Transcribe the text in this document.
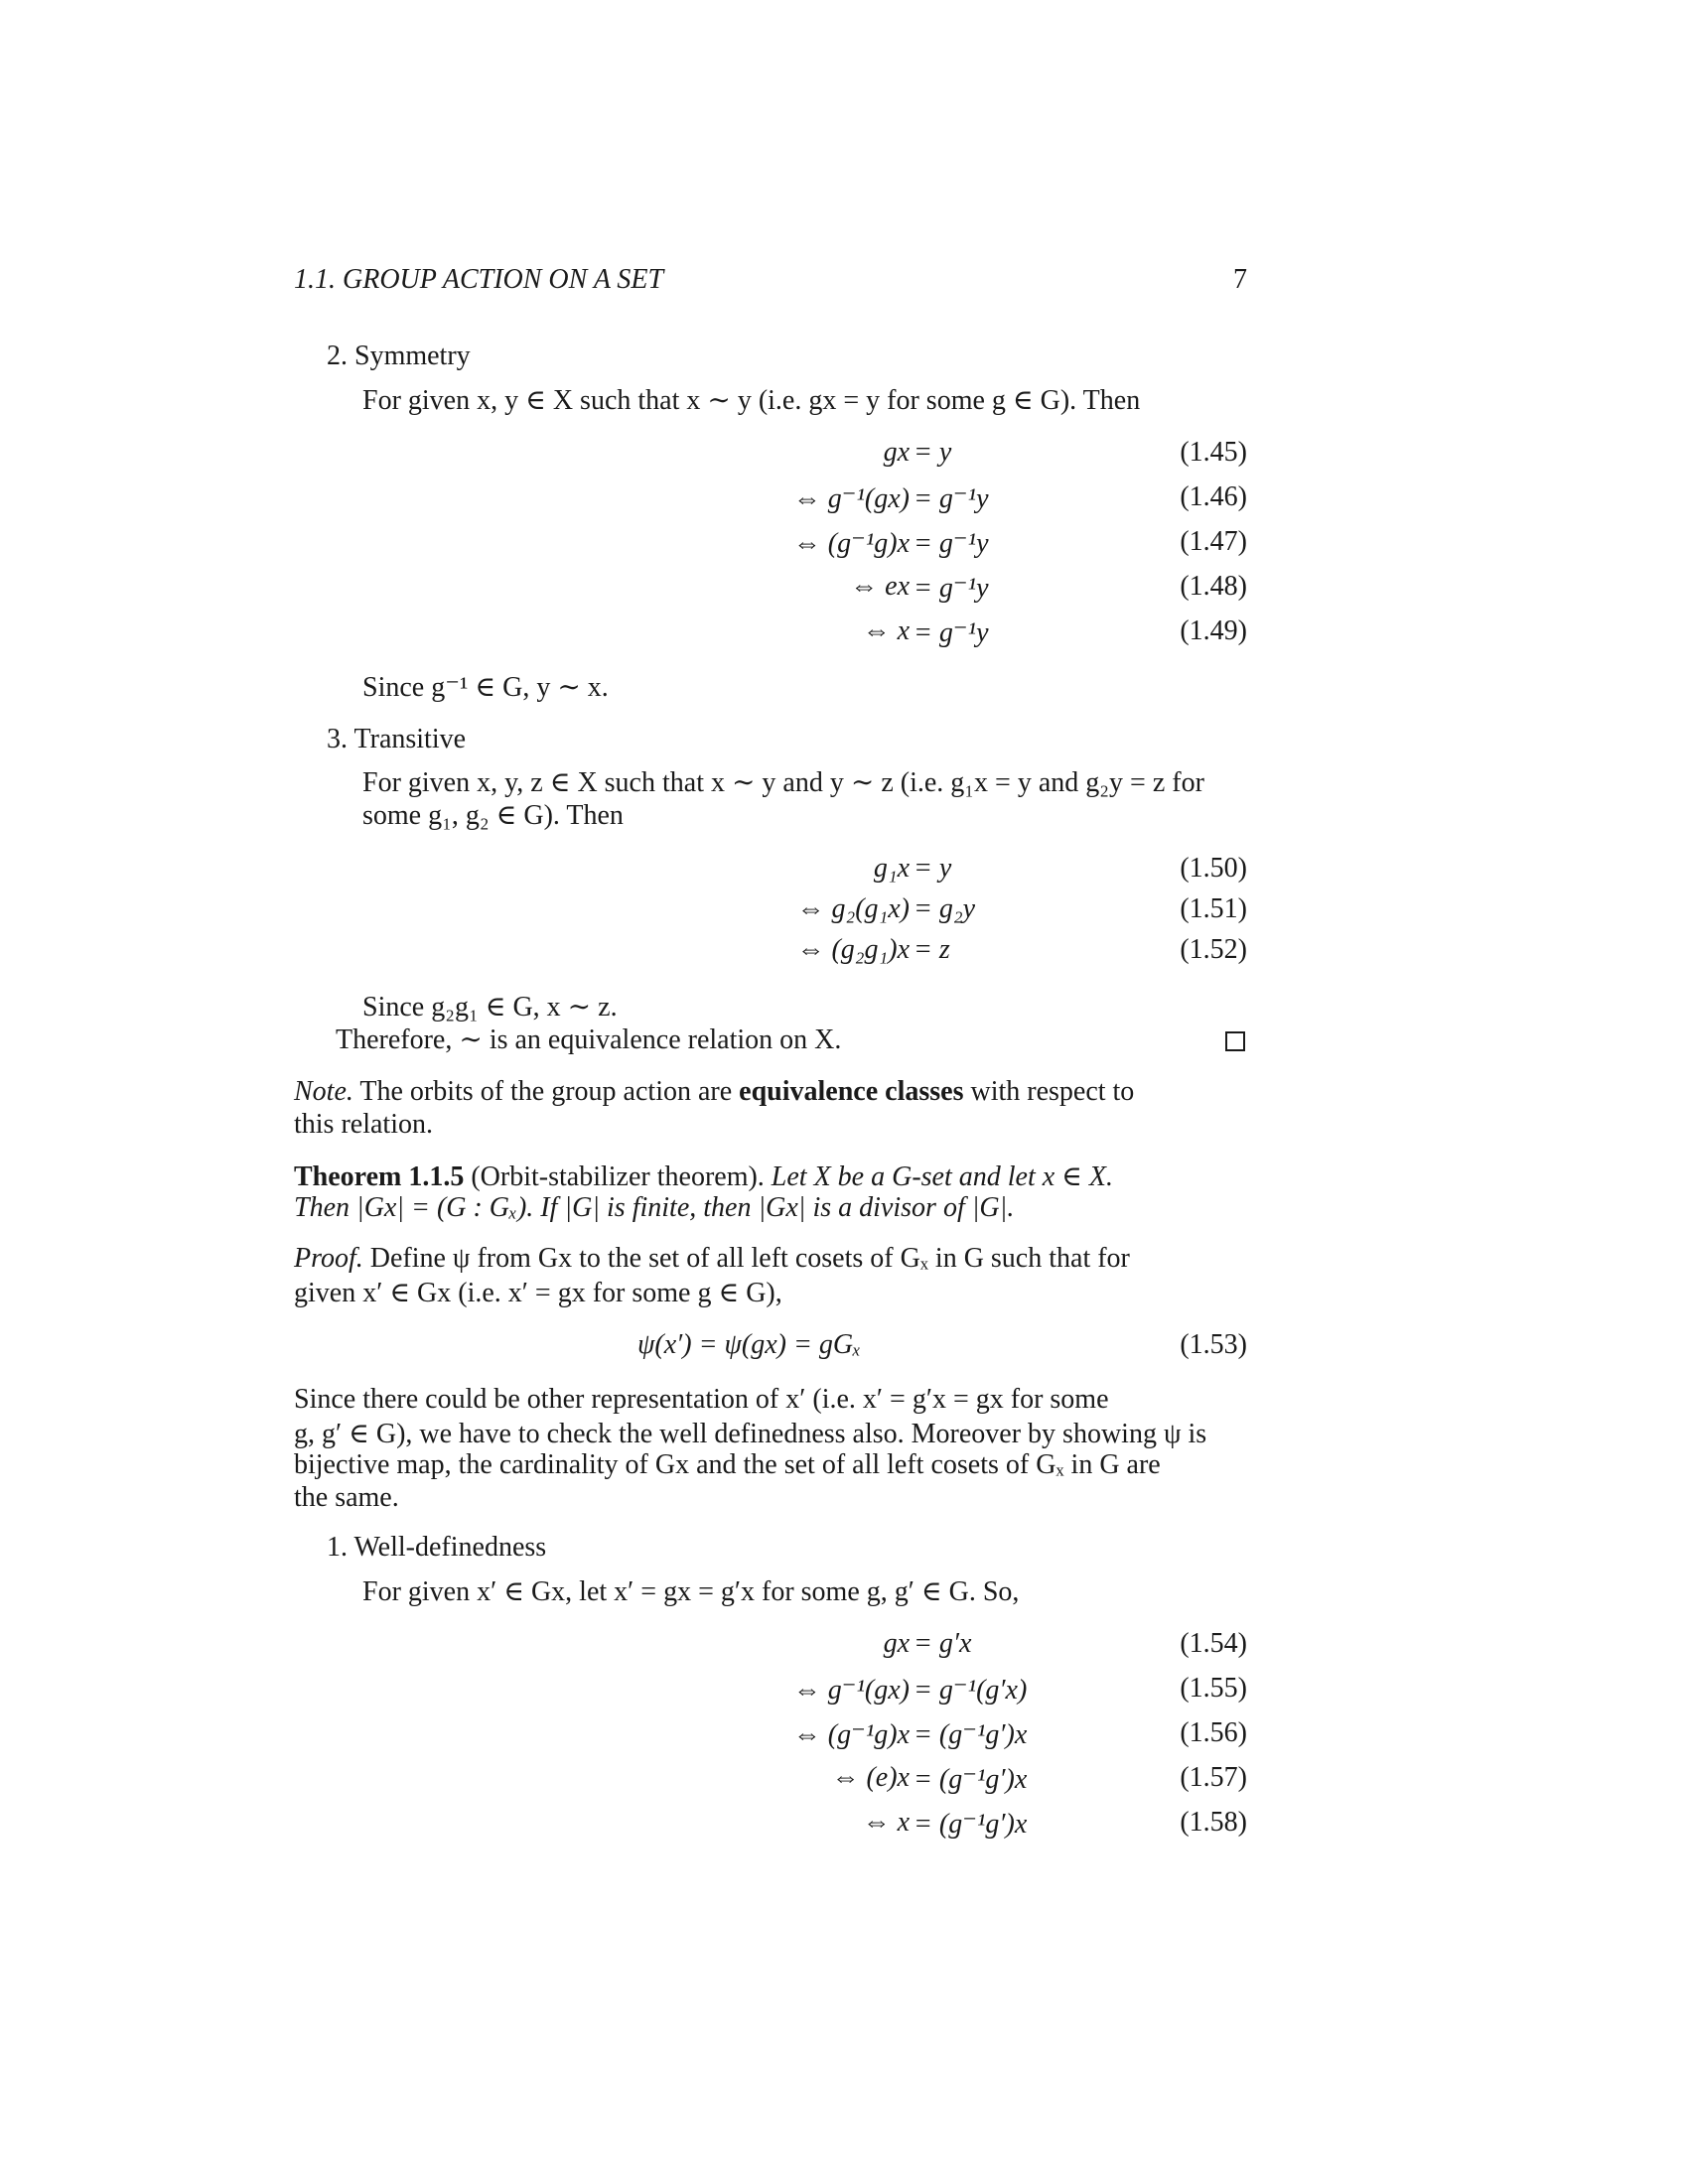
1.1. GROUP ACTION ON A SET	7
2. Symmetry
For given x, y ∈ X such that x ∼ y (i.e. gx = y for some g ∈ G). Then
gx = y	(1.45)
⇔ g⁻¹(gx) = g⁻¹y	(1.46)
⇔ (g⁻¹g)x = g⁻¹y	(1.47)
⇔ ex = g⁻¹y	(1.48)
⇔ x = g⁻¹y	(1.49)
Since g⁻¹ ∈ G, y ∼ x.
3. Transitive
For given x, y, z ∈ X such that x ∼ y and y ∼ z (i.e. g₁x = y and g₂y = z for
some g₁, g₂ ∈ G). Then
g₁x = y	(1.50)
⇔ g₂(g₁x) = g₂y	(1.51)
⇔ (g₂g₁)x = z	(1.52)
Since g₂g₁ ∈ G, x ∼ z.
Therefore, ∼ is an equivalence relation on X.
Note. The orbits of the group action are equivalence classes with respect to
this relation.
Theorem 1.1.5 (Orbit-stabilizer theorem). Let X be a G-set and let x ∈ X.
Then |Gx| = (G : Gₓ). If |G| is finite, then |Gx| is a divisor of |G|.
Proof. Define ψ from Gx to the set of all left cosets of Gₓ in G such that for
given x′ ∈ Gx (i.e. x′ = gx for some g ∈ G),
ψ(x′) = ψ(gx) = gGₓ	(1.53)
Since there could be other representation of x′ (i.e. x′ = g′x = gx for some
g, g′ ∈ G), we have to check the well definedness also. Moreover by showing ψ is
bijective map, the cardinality of Gx and the set of all left cosets of Gₓ in G are
the same.
1. Well-definedness
For given x′ ∈ Gx, let x′ = gx = g′x for some g, g′ ∈ G. So,
gx = g′x	(1.54)
⇔ g⁻¹(gx) = g⁻¹(g′x)	(1.55)
⇔ (g⁻¹g)x = (g⁻¹g′)x	(1.56)
⇔ (e)x = (g⁻¹g′)x	(1.57)
⇔ x = (g⁻¹g′)x	(1.58)
